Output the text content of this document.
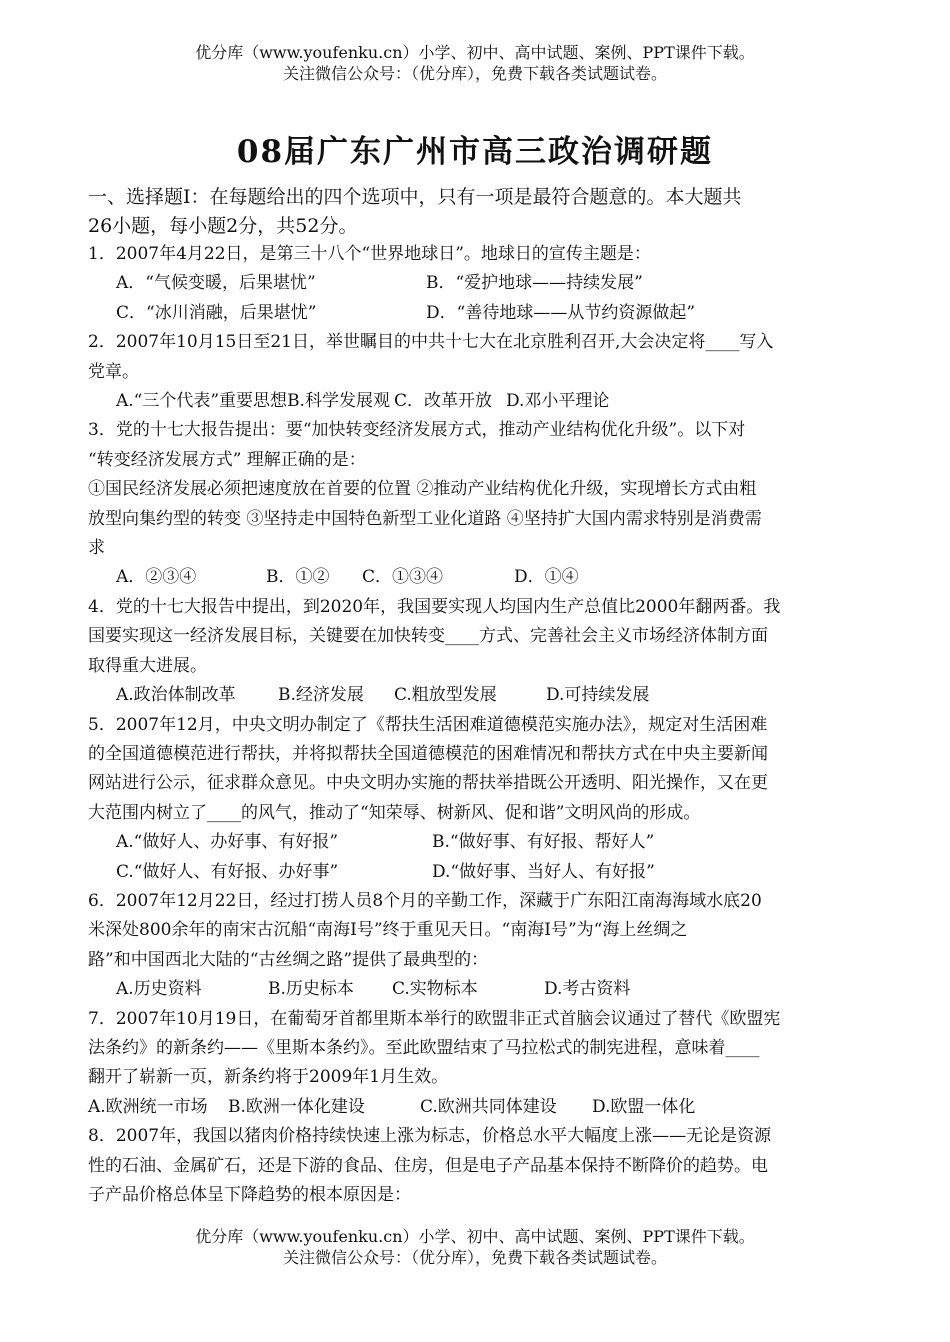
优分库（www.youfenku.cn）小学、初中、高中试题、案例、PPT课件下载。
关注微信公众号：（优分库），免费下载各类试题试卷。
08届广东广州市高三政治调研题
一、选择题Ⅰ：在每题给出的四个选项中，只有一项是最符合题意的。本大题共
26小题，每小题2分，共52分。
1．2007年4月22日，是第三十八个“世界地球日”。地球日的宣传主题是：
A．“气候变暖，后果堪忧”	B．“爱护地球——持续发展”
C．“冰川消融，后果堪忧”	D．“善待地球——从节约资源做起”
2．2007年10月15日至21日，举世瞩目的中共十七大在北京胜利召开,大会决定将____写入
党章。
A.“三个代表”重要思想B.科学发展观 C．改革开放 D.邓小平理论
3．党的十七大报告提出：要“加快转变经济发展方式，推动产业结构优化升级”。以下对
“转变经济发展方式” 理解正确的是：
①国民经济发展必须把速度放在首要的位置 ②推动产业结构优化升级，实现增长方式由粗
放型向集约型的转变 ③坚持走中国特色新型工业化道路 ④坚持扩大国内需求特别是消费需
求
A．②③④	B．①② C．①③④	D．①④
4．党的十七大报告中提出，到2020年，我国要实现人均国内生产总值比2000年翻两番。我
国要实现这一经济发展目标，关键要在加快转变____方式、完善社会主义市场经济体制方面
取得重大进展。
A.政治体制改革 B.经济发展 C.粗放型发展	D.可持续发展
5．2007年12月，中央文明办制定了《帮扶生活困难道德模范实施办法》，规定对生活困难
的全国道德模范进行帮扶，并将拟帮扶全国道德模范的困难情况和帮扶方式在中央主要新闻
网站进行公示，征求群众意见。中央文明办实施的帮扶举措既公开透明、阳光操作，又在更
大范围内树立了____的风气，推动了“知荣辱、树新风、促和谐”文明风尚的形成。
A.“做好人、办好事、有好报”	B.“做好事、有好报、帮好人”
C.“做好人、有好报、办好事”	D.“做好事、当好人、有好报”
6．2007年12月22日，经过打捞人员8个月的辛勤工作，深藏于广东阳江南海海域水底20
米深处800余年的南宋古沉船“南海Ⅰ号”终于重见天日。“南海Ⅰ号”为“海上丝绸之
路”和中国西北大陆的“古丝绸之路”提供了最典型的：
A.历史资料	B.历史标本 C.实物标本	D.考古资料
7．2007年10月19日，在葡萄牙首都里斯本举行的欧盟非正式首脑会议通过了替代《欧盟宪
法条约》的新条约——《里斯本条约》。至此欧盟结束了马拉松式的制宪进程，意味着____
翻开了崭新一页，新条约将于2009年1月生效。
A.欧洲统一市场 B.欧洲一体化建设	C.欧洲共同体建设 D.欧盟一体化
8．2007年，我国以猪肉价格持续快速上涨为标志，价格总水平大幅度上涨——无论是资源
性的石油、金属矿石，还是下游的食品、住房，但是电子产品基本保持不断降价的趋势。电
子产品价格总体呈下降趋势的根本原因是：
优分库（www.youfenku.cn）小学、初中、高中试题、案例、PPT课件下载。
关注微信公众号：（优分库），免费下载各类试题试卷。
